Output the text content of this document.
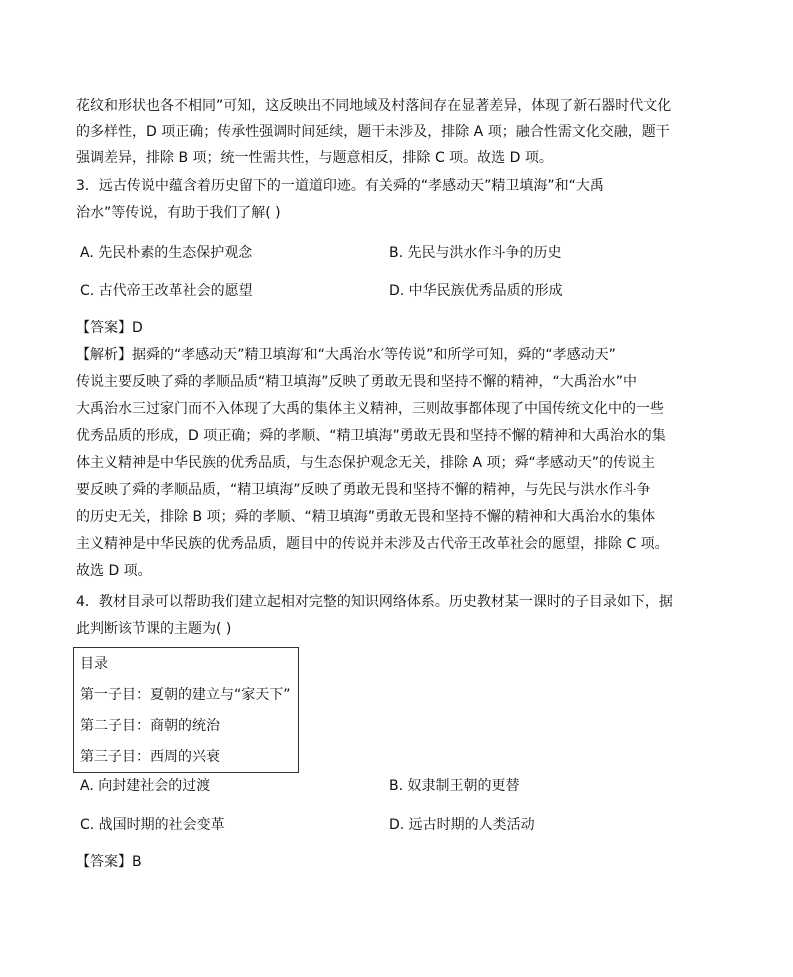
花纹和形状也各不相同”可知，这反映出不同地域及村落间存在显著差异，体现了新石器时代文化
的多样性，D 项正确；传承性强调时间延续，题干未涉及，排除 A 项；融合性需文化交融，题干
强调差异，排除 B 项；统一性需共性，与题意相反，排除 C 项。故选 D 项。
3．远古传说中蕴含着历史留下的一道道印迹。有关舜的“孝感动天”精卫填海”和“大禹
治水”等传说，有助于我们了解( )
A. 先民朴素的生态保护观念	B. 先民与洪水作斗争的历史
C. 古代帝王改革社会的愿望	D. 中华民族优秀品质的形成
【答案】D
【解析】据舜的“孝感动天”精卫填海′和“大禹治水′等传说”和所学可知，舜的“孝感动天”
传说主要反映了舜的孝顺品质“精卫填海”反映了勇敢无畏和坚持不懈的精神，“大禹治水”中
大禹治水三过家门而不入体现了大禹的集体主义精神，三则故事都体现了中国传统文化中的一些
优秀品质的形成，D 项正确；舜的孝顺、“精卫填海”勇敢无畏和坚持不懈的精神和大禹治水的集
体主义精神是中华民族的优秀品质，与生态保护观念无关，排除 A 项；舜“孝感动天”的传说主
要反映了舜的孝顺品质，“精卫填海”反映了勇敢无畏和坚持不懈的精神，与先民与洪水作斗争
的历史无关，排除 B 项；舜的孝顺、“精卫填海”勇敢无畏和坚持不懈的精神和大禹治水的集体
主义精神是中华民族的优秀品质，题目中的传说并未涉及古代帝王改革社会的愿望，排除 C 项。
故选 D 项。
4．教材目录可以帮助我们建立起相对完整的知识网络体系。历史教材某一课时的子目录如下，据
此判断该节课的主题为( )
目录
第一子目：夏朝的建立与“家天下”
第二子目：商朝的统治
第三子目：西周的兴衰
A. 向封建社会的过渡	B. 奴隶制王朝的更替
C. 战国时期的社会变革	D. 远古时期的人类活动
【答案】B
